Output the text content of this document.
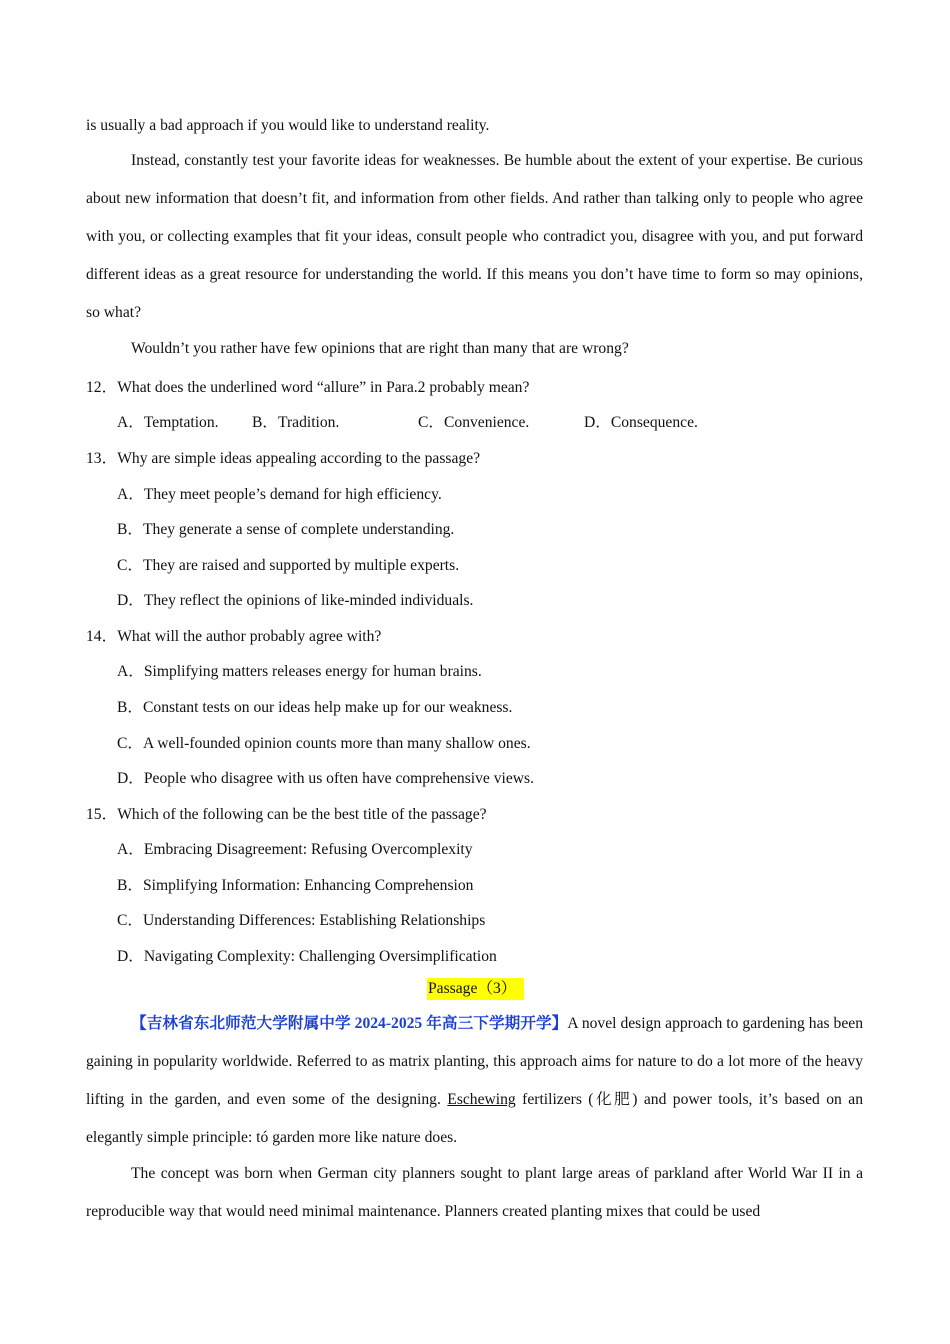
is usually a bad approach if you would like to understand reality.
Instead, constantly test your favorite ideas for weaknesses. Be humble about the extent of your expertise. Be curious about new information that doesn’t fit, and information from other fields. And rather than talking only to people who agree with you, or collecting examples that fit your ideas, consult people who contradict you, disagree with you, and put forward different ideas as a great resource for understanding the world. If this means you don’t have time to form so may opinions, so what?
Wouldn’t you rather have few opinions that are right than many that are wrong?
12．What does the underlined word “allure” in Para.2 probably mean?
A．Temptation. B．Tradition.	C．Convenience.	D．Consequence.
13．Why are simple ideas appealing according to the passage?
A．They meet people’s demand for high efficiency.
B．They generate a sense of complete understanding.
C．They are raised and supported by multiple experts.
D．They reflect the opinions of like-minded individuals.
14．What will the author probably agree with?
A．Simplifying matters releases energy for human brains.
B．Constant tests on our ideas help make up for our weakness.
C．A well-founded opinion counts more than many shallow ones.
D．People who disagree with us often have comprehensive views.
15．Which of the following can be the best title of the passage?
A．Embracing Disagreement: Refusing Overcomplexity
B．Simplifying Information: Enhancing Comprehension
C．Understanding Differences: Establishing Relationships
D．Navigating Complexity: Challenging Oversimplification
Passage（3）
【吉林省东北师范大学附属中学 2024-2025 年高三下学期开学】A novel design approach to gardening has been gaining in popularity worldwide. Referred to as matrix planting, this approach aims for nature to do a lot more of the heavy lifting in the garden, and even some of the designing. Eschewing fertilizers (化肥) and power tools, it’s based on an elegantly simple principle: tó garden more like nature does.
The concept was born when German city planners sought to plant large areas of parkland after World War II in a reproducible way that would need minimal maintenance. Planners created planting mixes that could be used
